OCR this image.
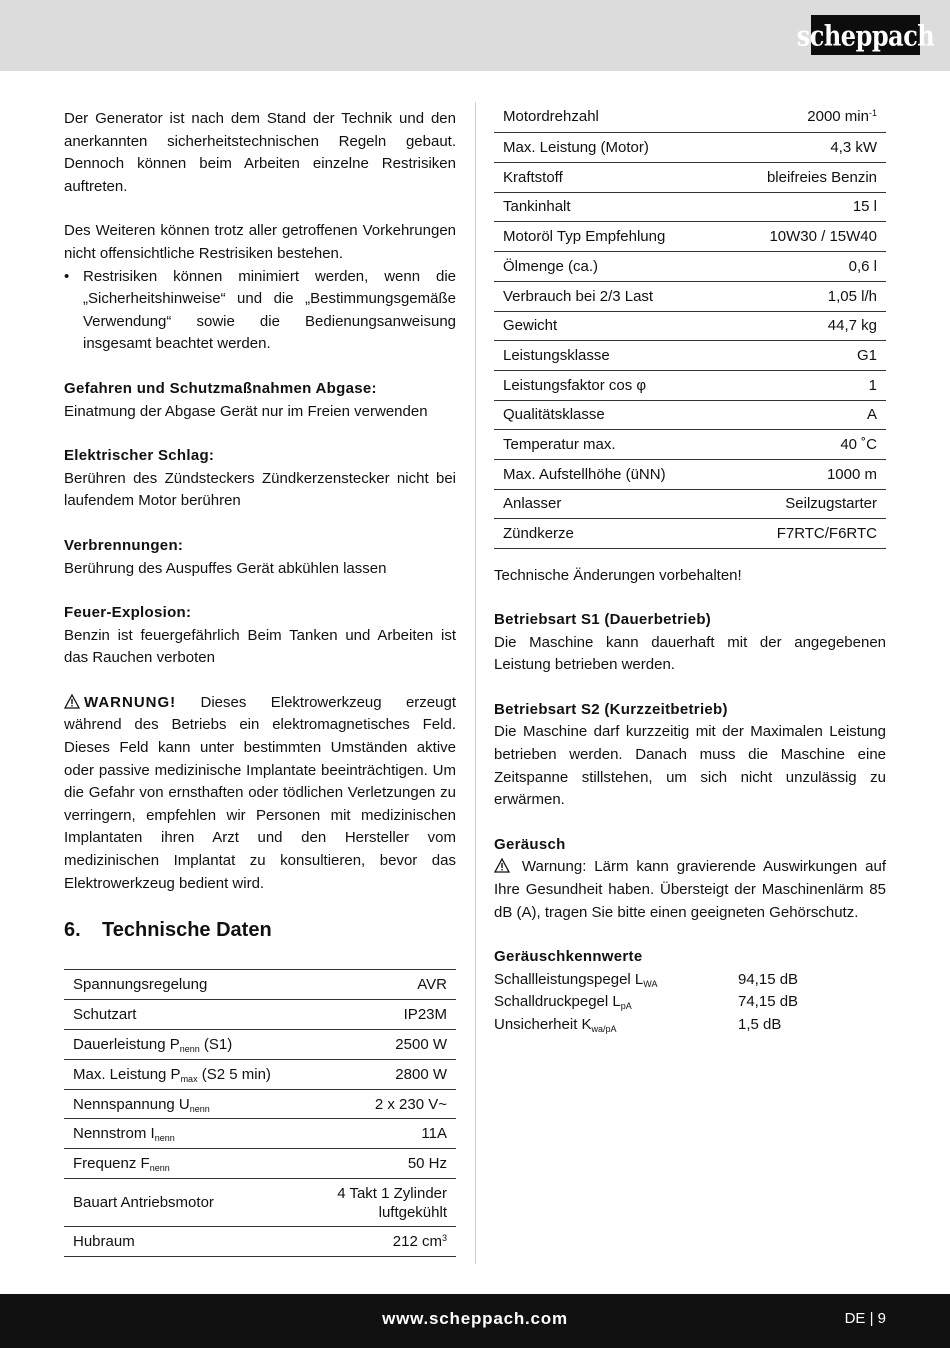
scheppach

Der Generator ist nach dem Stand der Technik und den anerkannten sicherheitstechnischen Regeln gebaut. Dennoch können beim Arbeiten einzelne Restrisiken auftreten.

Des Weiteren können trotz aller getroffenen Vorkehrungen nicht offensichtliche Restrisiken bestehen.

• Restrisiken können minimiert werden, wenn die „Sicherheitshinweise“ und die „Bestimmungsgemäße Verwendung“ sowie die Bedienungsanweisung insgesamt beachtet werden.
Gefahren und Schutzmaßnahmen Abgase:

Einatmung der Abgase Gerät nur im Freien verwenden

Elektrischer Schlag:

Berühren des Zündsteckers Zündkerzenstecker nicht bei laufendem Motor berühren

Verbrennungen:

Berührung des Auspuffes Gerät abkühlen lassen

Feuer-Explosion:

Benzin ist feuergefährlich Beim Tanken und Arbeiten ist das Rauchen verboten

WARNUNG! Dieses Elektrowerkzeug erzeugt während des Betriebs ein elektromagnetisches Feld. Dieses Feld kann unter bestimmten Umständen aktive oder passive medizinische Implantate beeinträchtigen. Um die Gefahr von ernsthaften oder tödlichen Verletzungen zu verringern, empfehlen wir Personen mit medizinischen Implantaten ihren Arzt und den Hersteller vom medizinischen Implantat zu konsultieren, bevor das Elektrowerkzeug bedient wird.

6. Technische Daten
Spannungsregelung	AVR
Schutzart	IP23M
Dauerleistung $P_{nenn}$ (S1)	2500 W
Max. Leistung $P_{max}$ (S2 5 min)	2800 W
Nennspannung $U_{nenn}$	2 x 230 V~
Nennstrom $I_{nenn}$	11A
Frequenz $F_{nenn}$	50 Hz
Bauart Antriebsmotor	4 Takt 1 Zylinder
luftgekühlt
Hubraum	212 $cm^3$
Motordrehzahl	2000 $\min^{-1}$
Max. Leistung (Motor)	4,3 kW
Kraftstoff	bleifreies Benzin
Tankinhalt	15 l
Motoröl Typ Empfehlung	10W30 / 15W40
Ölmenge (ca.)	0,6 l
Verbrauch bei 2/3 Last	1,05 l/h
Gewicht	44,7 kg
Leistungsklasse	G1
Leistungsfaktor cos φ	1
Qualitätsklasse	A
Temperatur max.	40 ˚C
Max. Aufstellhöhe (üNN)	1000 m
Anlasser	Seilzugstarter
Zündkerze	F7RTC/F6RTC

Technische Änderungen vorbehalten!

Betriebsart S1 (Dauerbetrieb)

Die Maschine kann dauerhaft mit der angegebenen Leistung betrieben werden.

Betriebsart S2 (Kurzzeitbetrieb)

Die Maschine darf kurzzeitig mit der Maximalen Leistung betrieben werden. Danach muss die Maschine eine Zeitspanne stillstehen, um sich nicht unzulässig zu erwärmen.

Geräusch

Warnung: Lärm kann gravierende Auswirkungen auf Ihre Gesundheit haben. Übersteigt der Maschinenlärm 85 dB (A), tragen Sie bitte einen geeigneten Gehörschutz.

Geräuschkennwerte
Schallleistungspegel $L_{WA}$	94,15 dB
Schalldruckpegel $L_{pA}$	74,15 dB
Unsicherheit $K_{wa/pA}$	1,5 dB
www.scheppach.com	DE | 9
